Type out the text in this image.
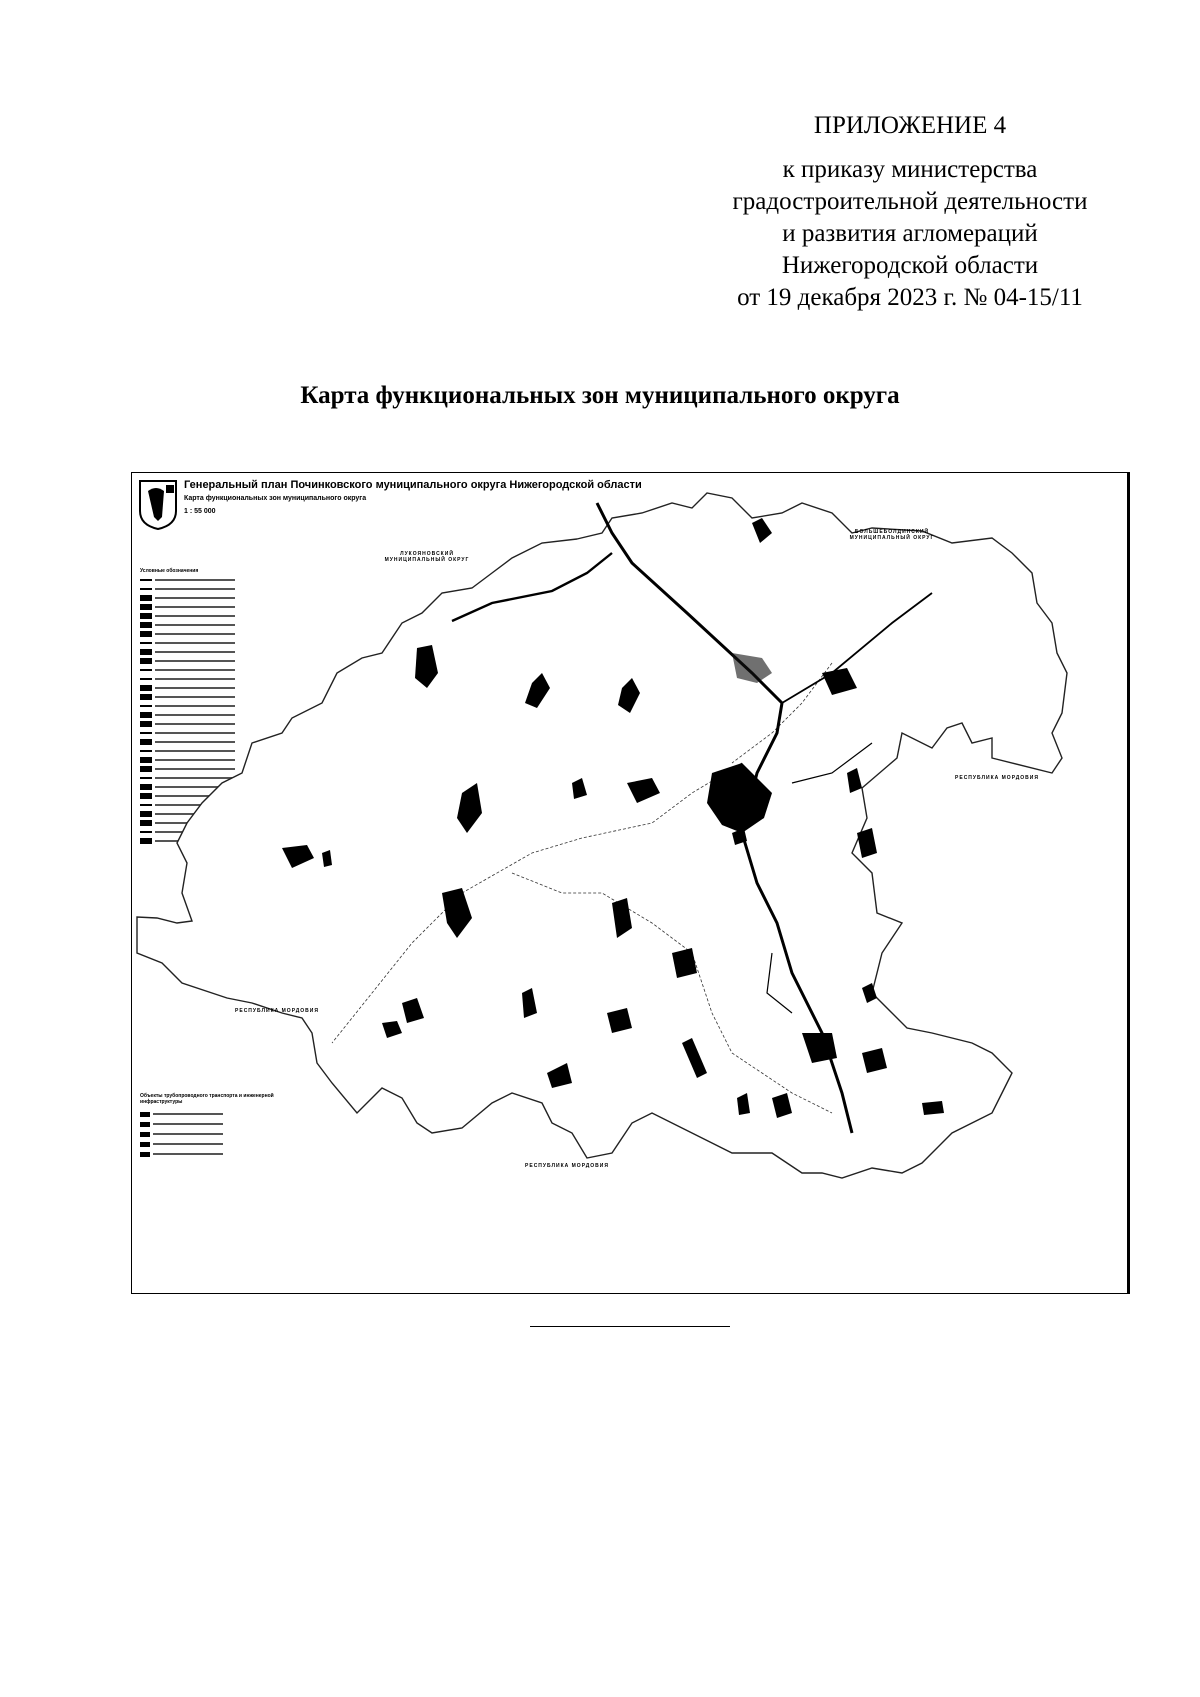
ПРИЛОЖЕНИЕ 4
к приказу министерства
градостроительной деятельности
и развития агломераций
Нижегородской области
от 19 декабря 2023 г. № 04-15/11
Карта функциональных зон муниципального округа
Генеральный план Починковского муниципального округа Нижегородской области
Карта функциональных зон муниципального округа
1 : 55 000
Условные обозначения
Объекты трубопроводного транспорта и инженерной инфраструктуры
ЛУКОЯНОВСКИЙ МУНИЦИПАЛЬНЫЙ ОКРУГ
БОЛЬШЕБОЛДИНСКИЙ МУНИЦИПАЛЬНЫЙ ОКРУГ
РЕСПУБЛИКА МОРДОВИЯ
РЕСПУБЛИКА МОРДОВИЯ
РЕСПУБЛИКА МОРДОВИЯ
